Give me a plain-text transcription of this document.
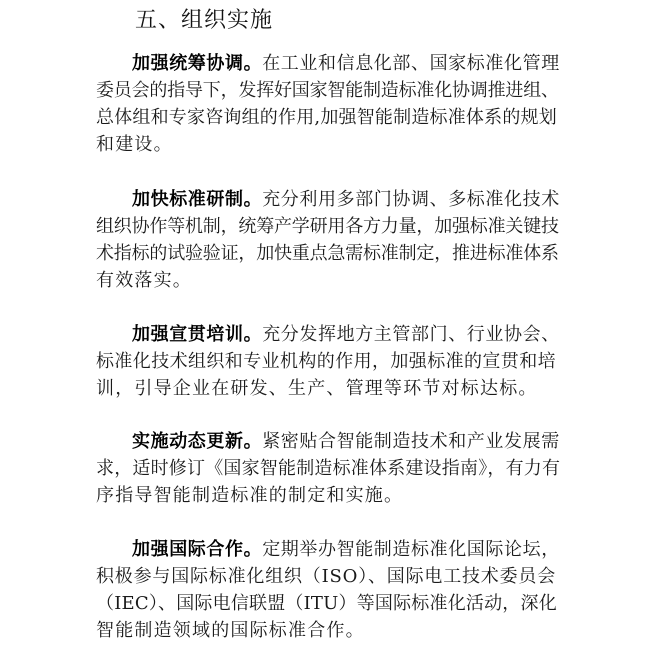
五、组织实施
加强统筹协调。在工业和信息化部、国家标准化管理
委员会的指导下，发挥好国家智能制造标准化协调推进组、
总体组和专家咨询组的作用,加强智能制造标准体系的规划
和建设。
加快标准研制。充分利用多部门协调、多标准化技术
组织协作等机制，统筹产学研用各方力量，加强标准关键技
术指标的试验验证，加快重点急需标准制定，推进标准体系
有效落实。
加强宣贯培训。充分发挥地方主管部门、行业协会、
标准化技术组织和专业机构的作用，加强标准的宣贯和培
训，引导企业在研发、生产、管理等环节对标达标。
实施动态更新。紧密贴合智能制造技术和产业发展需
求，适时修订《国家智能制造标准体系建设指南》，有力有
序指导智能制造标准的制定和实施。
加强国际合作。定期举办智能制造标准化国际论坛，
积极参与国际标准化组织（ISO）、国际电工技术委员会
（IEC）、国际电信联盟（ITU）等国际标准化活动，深化
智能制造领域的国际标准合作。
